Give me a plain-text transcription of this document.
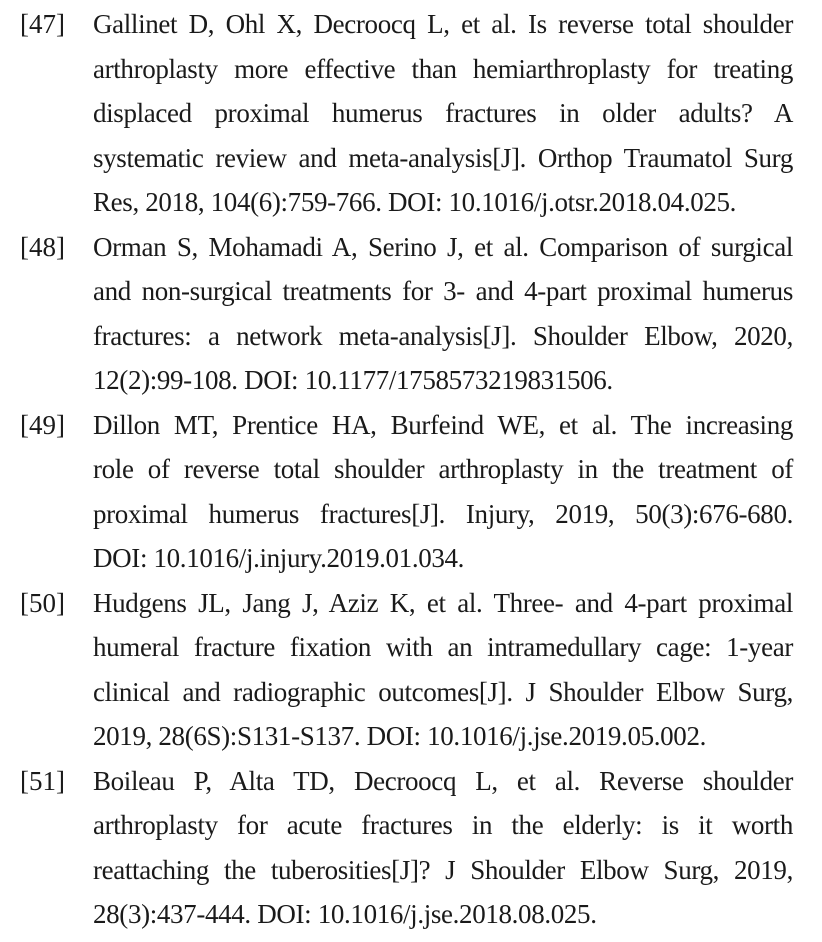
[47] Gallinet D, Ohl X, Decroocq L, et al. Is reverse total shoulder
arthroplasty more effective than hemiarthroplasty for treating
displaced proximal humerus fractures in older adults? A
systematic review and meta-analysis[J]. Orthop Traumatol Surg
Res, 2018, 104(6):759-766. DOI: 10.1016/j.otsr.2018.04.025.
[48] Orman S, Mohamadi A, Serino J, et al. Comparison of surgical
and non-surgical treatments for 3- and 4-part proximal humerus
fractures: a network meta-analysis[J]. Shoulder Elbow, 2020,
12(2):99-108. DOI: 10.1177/1758573219831506.
[49] Dillon MT, Prentice HA, Burfeind WE, et al. The increasing
role of reverse total shoulder arthroplasty in the treatment of
proximal humerus fractures[J]. Injury, 2019, 50(3):676-680.
DOI: 10.1016/j.injury.2019.01.034.
[50] Hudgens JL, Jang J, Aziz K, et al. Three- and 4-part proximal
humeral fracture fixation with an intramedullary cage: 1-year
clinical and radiographic outcomes[J]. J Shoulder Elbow Surg,
2019, 28(6S):S131-S137. DOI: 10.1016/j.jse.2019.05.002.
[51] Boileau P, Alta TD, Decroocq L, et al. Reverse shoulder
arthroplasty for acute fractures in the elderly: is it worth
reattaching the tuberosities[J]? J Shoulder Elbow Surg, 2019,
28(3):437-444. DOI: 10.1016/j.jse.2018.08.025.
